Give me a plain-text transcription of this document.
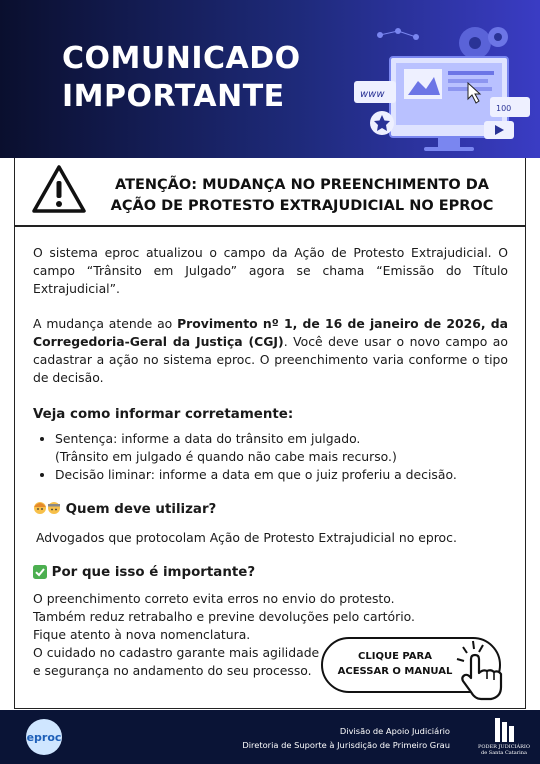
COMUNICADO
IMPORTANTE	www
100
ATENÇÃO: MUDANÇA NO PREENCHIMENTO DA
AÇÃO DE PROTESTO EXTRAJUDICIAL NO EPROC

O sistema eproc atualizou o campo da Ação de Protesto Extrajudicial. O campo “Trânsito em Julgado” agora se chama “Emissão do Título Extrajudicial”.

A mudança atende ao Provimento nº 1, de 16 de janeiro de 2026, da Corregedoria-Geral da Justiça (CGJ). Você deve usar o novo campo ao cadastrar a ação no sistema eproc. O preenchimento varia conforme o tipo de decisão.

Veja como informar corretamente:

• Sentença: informe a data do trânsito em julgado.
(Trânsito em julgado é quando não cabe mais recurso.)
• Decisão liminar: informe a data em que o juiz proferiu a decisão.

Quem deve utilizar?

Advogados que protocolam Ação de Protesto Extrajudicial no eproc.

Por que isso é importante?

O preenchimento correto evita erros no envio do protesto.

Também reduz retrabalho e previne devoluções pelo cartório.

Fique atento à nova nomenclatura.

O cuidado no cadastro garante mais agilidade

e segurança no andamento do seu processo.

CLIQUE PARA
ACESSAR O MANUAL
eproc	Divisão de Apoio Judiciário
Diretoria de Suporte à Jurisdição de Primeiro Grau	PODER JUDICIÁRIO
de Santa Catarina
